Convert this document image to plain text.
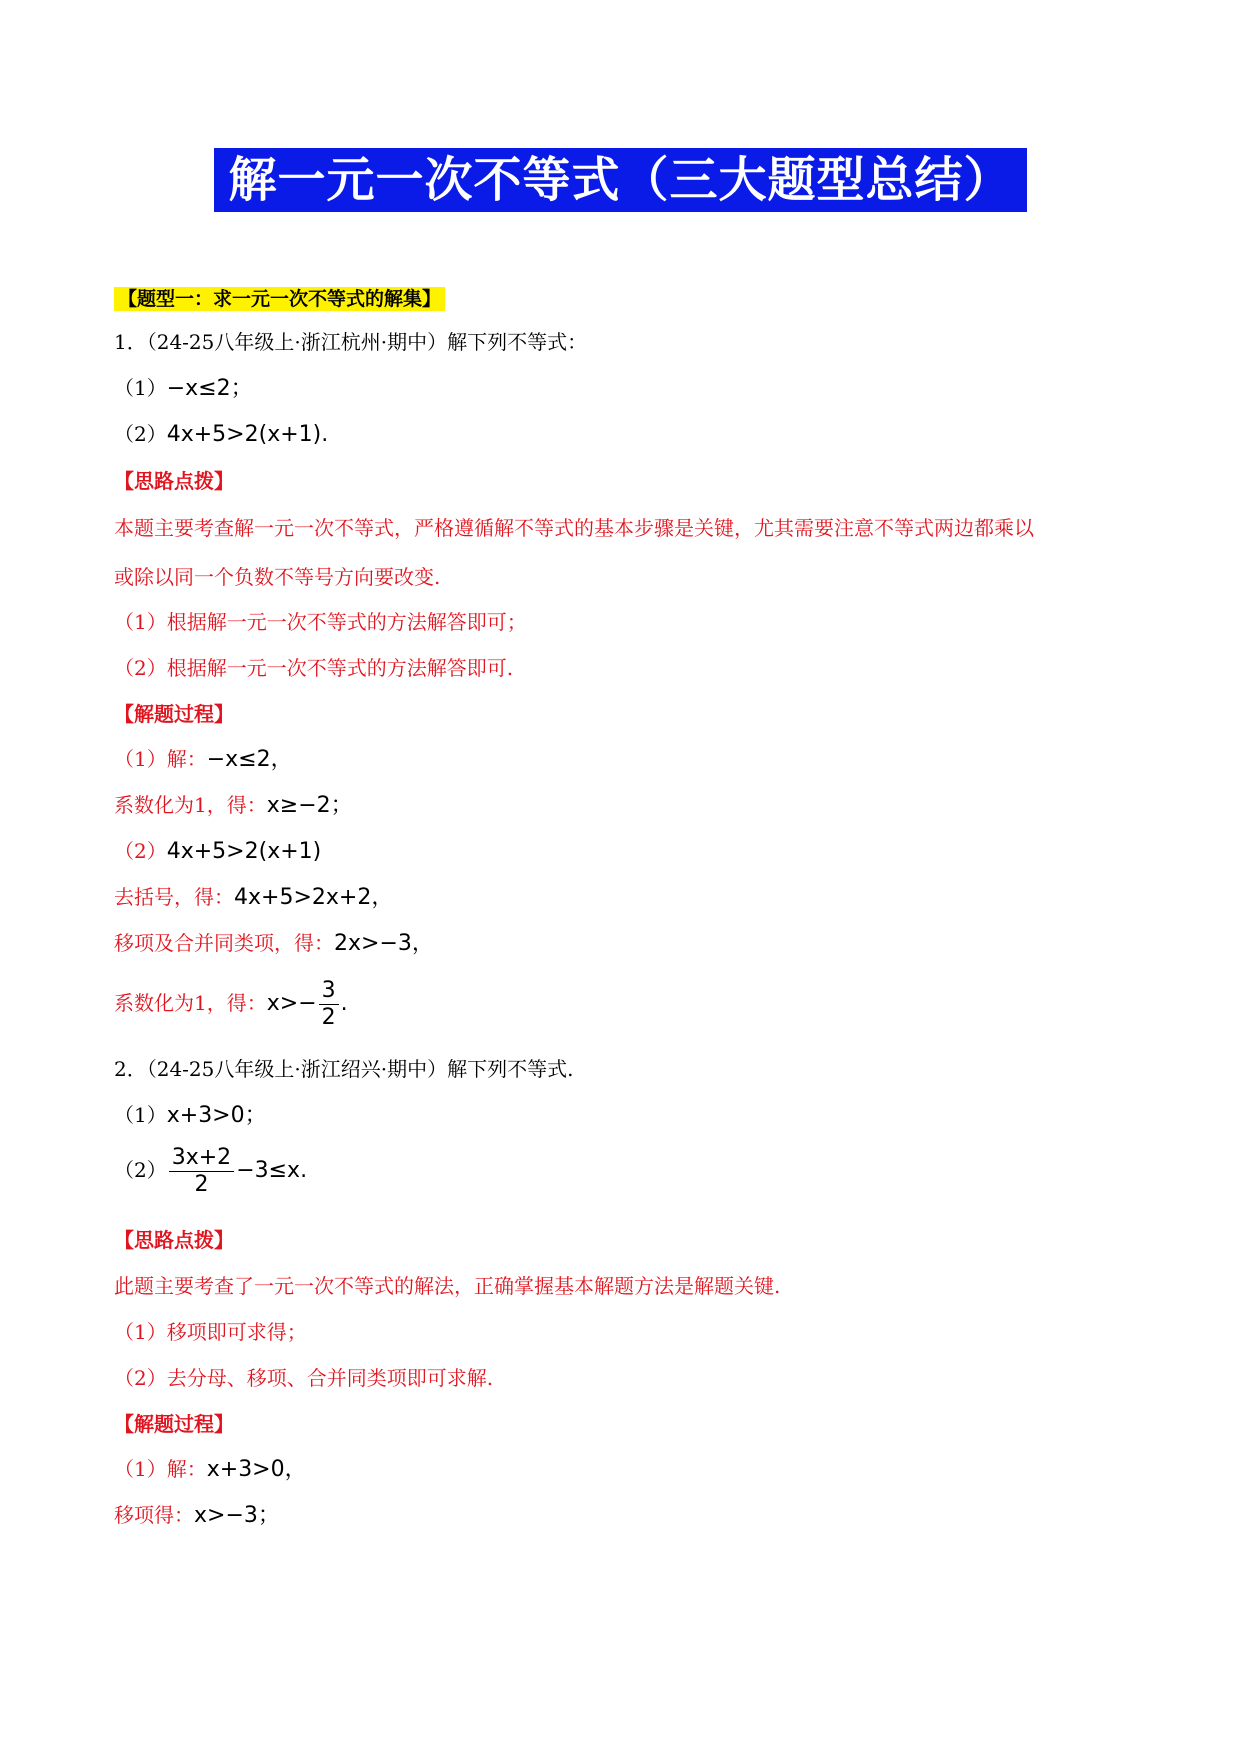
解一元一次不等式（三大题型总结）
【题型一：求一元一次不等式的解集】
1．（24-25八年级上·浙江杭州·期中）解下列不等式：
（1）−x≤2；
（2）4x+5>2(x+1).
【思路点拨】
本题主要考查解一元一次不等式，严格遵循解不等式的基本步骤是关键，尤其需要注意不等式两边都乘以
或除以同一个负数不等号方向要改变.
（1）根据解一元一次不等式的方法解答即可；
（2）根据解一元一次不等式的方法解答即可.
【解题过程】
（1）解：−x≤2，
系数化为1，得：x≥−2；
（2）4x+5>2(x+1)
去括号，得：4x+5>2x+2，
移项及合并同类项，得：2x>−3，
系数化为1，得：$x>- \frac{3}{2}$ .
2．（24-25八年级上·浙江绍兴·期中）解下列不等式.
（1）x+3>0；
$(2) \frac{3x+2}{2} -3\le x$.
【思路点拨】
此题主要考查了一元一次不等式的解法，正确掌握基本解题方法是解题关键.
（1）移项即可求得；
（2）去分母、移项、合并同类项即可求解.
【解题过程】
（1）解：x+3>0，
移项得：x>−3；
